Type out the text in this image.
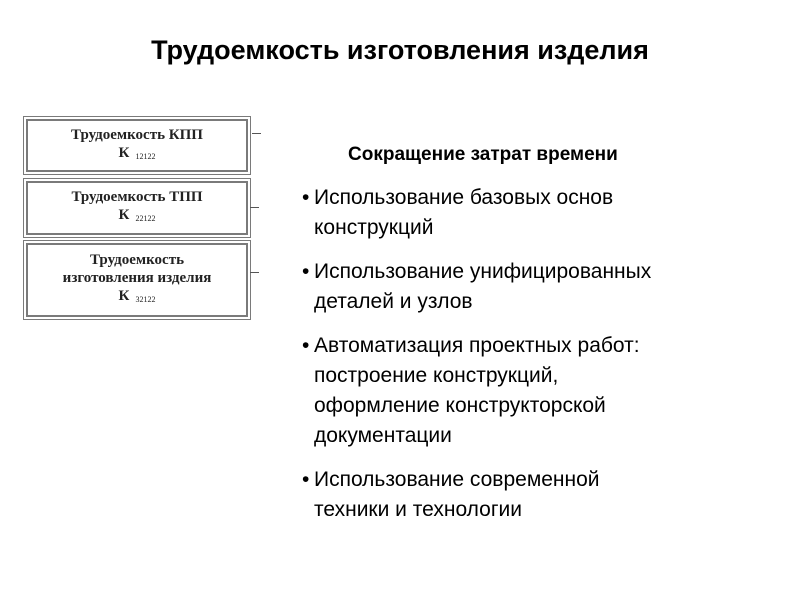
Трудоемкость изготовления изделия
Трудоемкость КПП
К $_{12122}$
Трудоемкость ТПП
К $_{22122}$
Трудоемкость
изготовления изделия
К $_{32122}$
Сокращение затрат времени
• Использование базовых основ
конструкций
• Использование унифицированных
деталей и узлов
• Автоматизация проектных работ:
построение конструкций,
оформление конструкторской
документации
• Использование современной
техники и технологии
